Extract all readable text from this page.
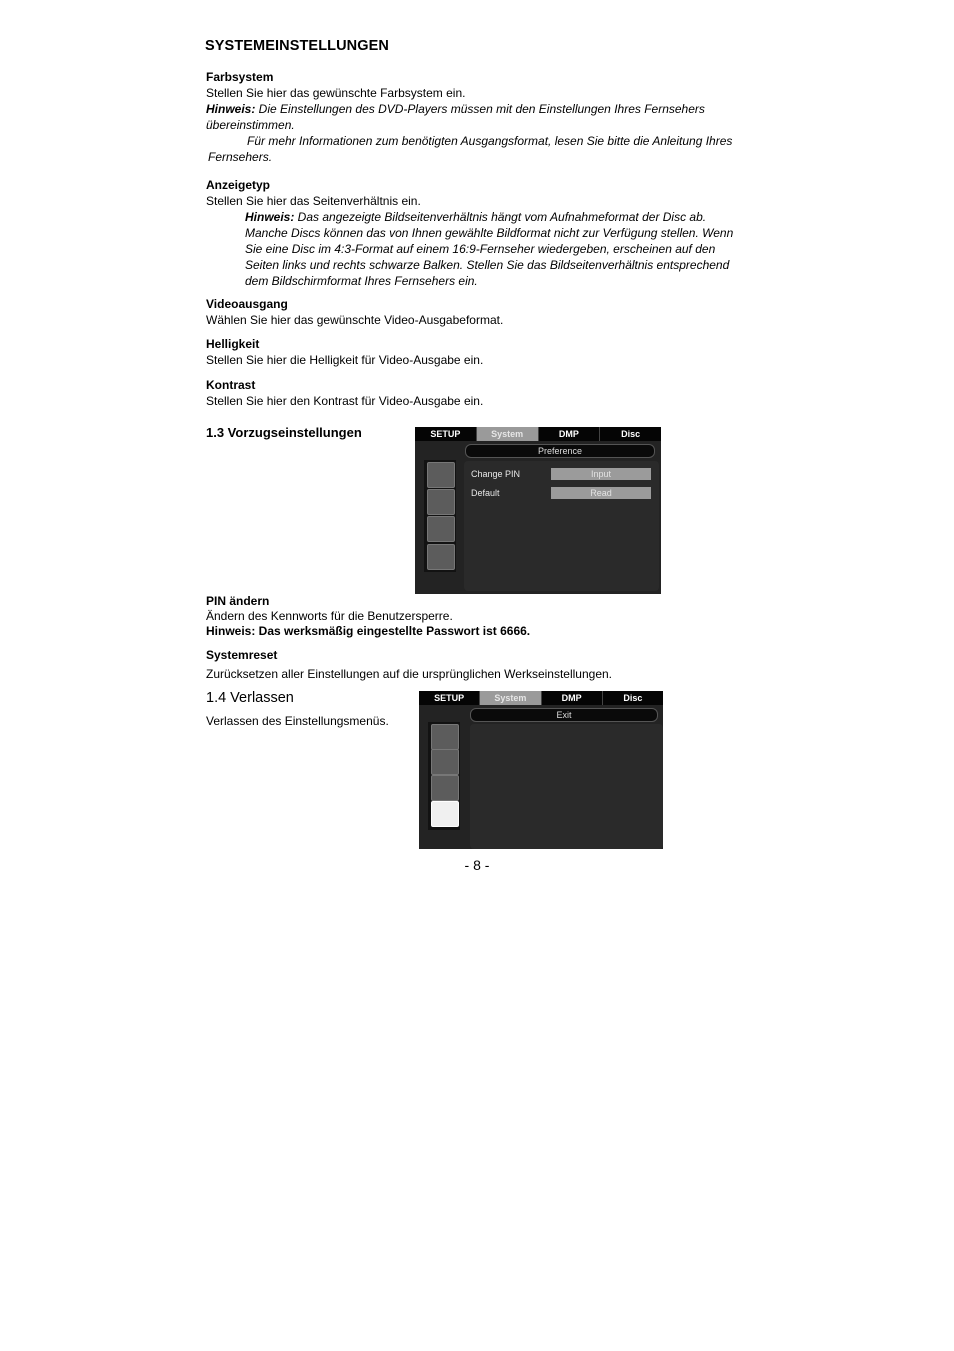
SYSTEMEINSTELLUNGEN

Farbsystem

Stellen Sie hier das gewünschte Farbsystem ein.

Hinweis: Die Einstellungen des DVD-Players müssen mit den Einstellungen Ihres Fernsehers übereinstimmen.

Für mehr Informationen zum benötigten Ausgangsformat, lesen Sie bitte die Anleitung Ihres Fernsehers.

Anzeigetyp

Stellen Sie hier das Seitenverhältnis ein.

Hinweis: Das angezeigte Bildseitenverhältnis hängt vom Aufnahmeformat der Disc ab. Manche Discs können das von Ihnen gewählte Bildformat nicht zur Verfügung stellen. Wenn Sie eine Disc im 4:3-Format auf einem 16:9-Fernseher wiedergeben, erscheinen auf den Seiten links und rechts schwarze Balken. Stellen Sie das Bildseitenverhältnis entsprechend dem Bildschirmformat Ihres Fernsehers ein.

Videoausgang

Wählen Sie hier das gewünschte Video-Ausgabeformat.

Helligkeit

Stellen Sie hier die Helligkeit für Video-Ausgabe ein.

Kontrast

Stellen Sie hier den Kontrast für Video-Ausgabe ein.

1.3 Vorzugseinstellungen	SETUP	System	DMP	Disc
Preference
Change PIN	Input
Default	Read

PIN ändern

Ändern des Kennworts für die Benutzersperre.

Hinweis: Das werksmäßig eingestellte Passwort ist 6666.

Systemreset

Zurücksetzen aller Einstellungen auf die ursprünglichen Werkseinstellungen.

1.4 Verlassen
Verlassen des Einstellungsmenüs.
SETUP	System	DMP	Disc
Exit
- 8 -
